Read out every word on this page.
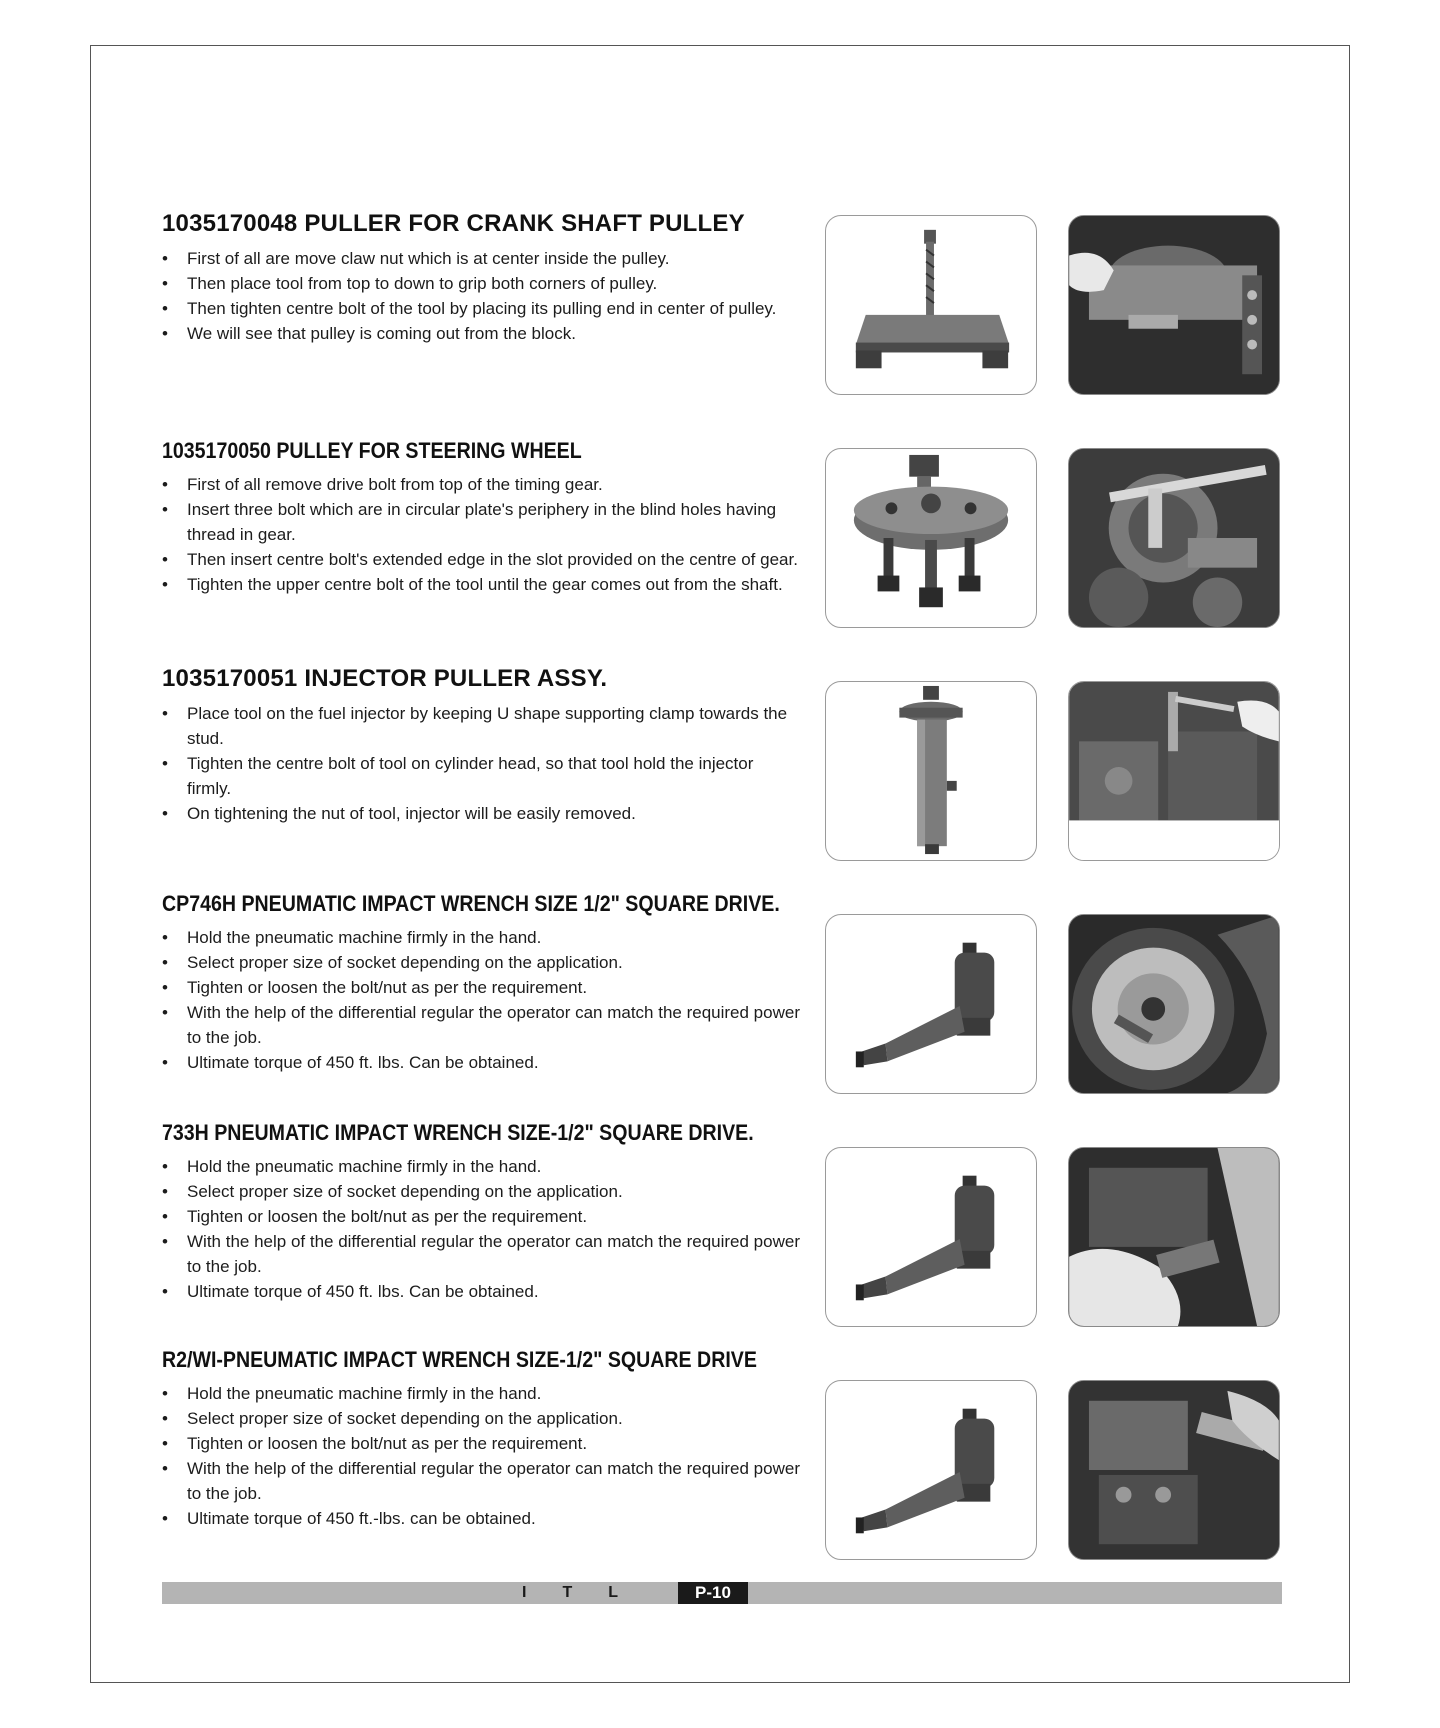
1035170048 PULLER FOR CRANK SHAFT PULLEY
• First of all are move claw nut which is at center inside the pulley.
• Then place tool from top to down to grip both corners of pulley.
• Then tighten centre bolt of the tool by placing its pulling end in center of pulley.
• We will see that pulley is coming out from the block.
1035170050 PULLEY FOR STEERING WHEEL
• First of all remove drive bolt from top of the timing gear.
• Insert three bolt which are in circular plate's periphery in the blind holes having thread in gear.
• Then insert centre bolt's extended edge in the slot provided on the centre of gear.
• Tighten the upper centre bolt of the tool until the gear comes out from the shaft.
1035170051 INJECTOR PULLER ASSY.
• Place tool on the fuel injector by keeping U shape supporting clamp towards the stud.
• Tighten the centre bolt of tool on cylinder head, so that tool hold the injector firmly.
• On tightening the nut of tool, injector will be easily removed.
CP746H PNEUMATIC IMPACT WRENCH SIZE 1/2" SQUARE DRIVE.
• Hold the pneumatic machine firmly in the hand.
• Select proper size of socket depending on the application.
• Tighten or loosen the bolt/nut as per the requirement.
• With the help of the differential regular the operator can match the required power to the job.
• Ultimate torque of 450 ft. lbs. Can be obtained.
733H PNEUMATIC IMPACT WRENCH SIZE-1/2" SQUARE DRIVE.
• Hold the pneumatic machine firmly in the hand.
• Select proper size of socket depending on the application.
• Tighten or loosen the bolt/nut as per the requirement.
• With the help of the differential regular the operator can match the required power to the job.
• Ultimate torque of 450 ft. lbs. Can be obtained.
R2/WI-PNEUMATIC IMPACT WRENCH SIZE-1/2" SQUARE DRIVE
• Hold the pneumatic machine firmly in the hand.
• Select proper size of socket depending on the application.
• Tighten or loosen the bolt/nut as per the requirement.
• With the help of the differential regular the operator can match the required power to the job.
• Ultimate torque of 450 ft.-lbs. can be obtained.
I T L	P-10
